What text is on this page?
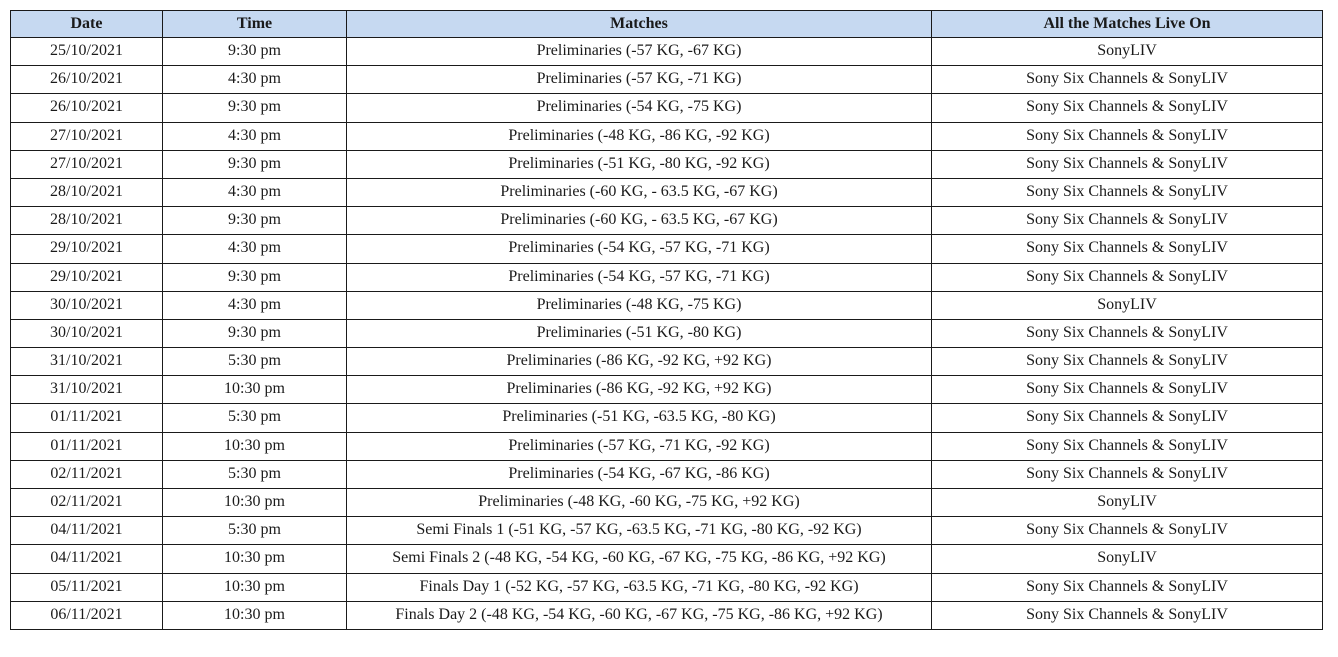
Date	Time	Matches	All the Matches Live On
25/10/2021	9:30 pm	Preliminaries (-57 KG, -67 KG)	SonyLIV
26/10/2021	4:30 pm	Preliminaries (-57 KG, -71 KG)	Sony Six Channels & SonyLIV
26/10/2021	9:30 pm	Preliminaries (-54 KG, -75 KG)	Sony Six Channels & SonyLIV
27/10/2021	4:30 pm	Preliminaries (-48 KG, -86 KG, -92 KG)	Sony Six Channels & SonyLIV
27/10/2021	9:30 pm	Preliminaries (-51 KG, -80 KG, -92 KG)	Sony Six Channels & SonyLIV
28/10/2021	4:30 pm	Preliminaries (-60 KG, - 63.5 KG, -67 KG)	Sony Six Channels & SonyLIV
28/10/2021	9:30 pm	Preliminaries (-60 KG, - 63.5 KG, -67 KG)	Sony Six Channels & SonyLIV
29/10/2021	4:30 pm	Preliminaries (-54 KG, -57 KG, -71 KG)	Sony Six Channels & SonyLIV
29/10/2021	9:30 pm	Preliminaries (-54 KG, -57 KG, -71 KG)	Sony Six Channels & SonyLIV
30/10/2021	4:30 pm	Preliminaries (-48 KG, -75 KG)	SonyLIV
30/10/2021	9:30 pm	Preliminaries (-51 KG, -80 KG)	Sony Six Channels & SonyLIV
31/10/2021	5:30 pm	Preliminaries (-86 KG, -92 KG, +92 KG)	Sony Six Channels & SonyLIV
31/10/2021	10:30 pm	Preliminaries (-86 KG, -92 KG, +92 KG)	Sony Six Channels & SonyLIV
01/11/2021	5:30 pm	Preliminaries (-51 KG, -63.5 KG, -80 KG)	Sony Six Channels & SonyLIV
01/11/2021	10:30 pm	Preliminaries (-57 KG, -71 KG, -92 KG)	Sony Six Channels & SonyLIV
02/11/2021	5:30 pm	Preliminaries (-54 KG, -67 KG, -86 KG)	Sony Six Channels & SonyLIV
02/11/2021	10:30 pm	Preliminaries (-48 KG, -60 KG, -75 KG, +92 KG)	SonyLIV
04/11/2021	5:30 pm	Semi Finals 1 (-51 KG, -57 KG, -63.5 KG, -71 KG, -80 KG, -92 KG)	Sony Six Channels & SonyLIV
04/11/2021	10:30 pm	Semi Finals 2 (-48 KG, -54 KG, -60 KG, -67 KG, -75 KG, -86 KG, +92 KG)	SonyLIV
05/11/2021	10:30 pm	Finals Day 1 (-52 KG, -57 KG, -63.5 KG, -71 KG, -80 KG, -92 KG)	Sony Six Channels & SonyLIV
06/11/2021	10:30 pm	Finals Day 2 (-48 KG, -54 KG, -60 KG, -67 KG, -75 KG, -86 KG, +92 KG)	Sony Six Channels & SonyLIV
